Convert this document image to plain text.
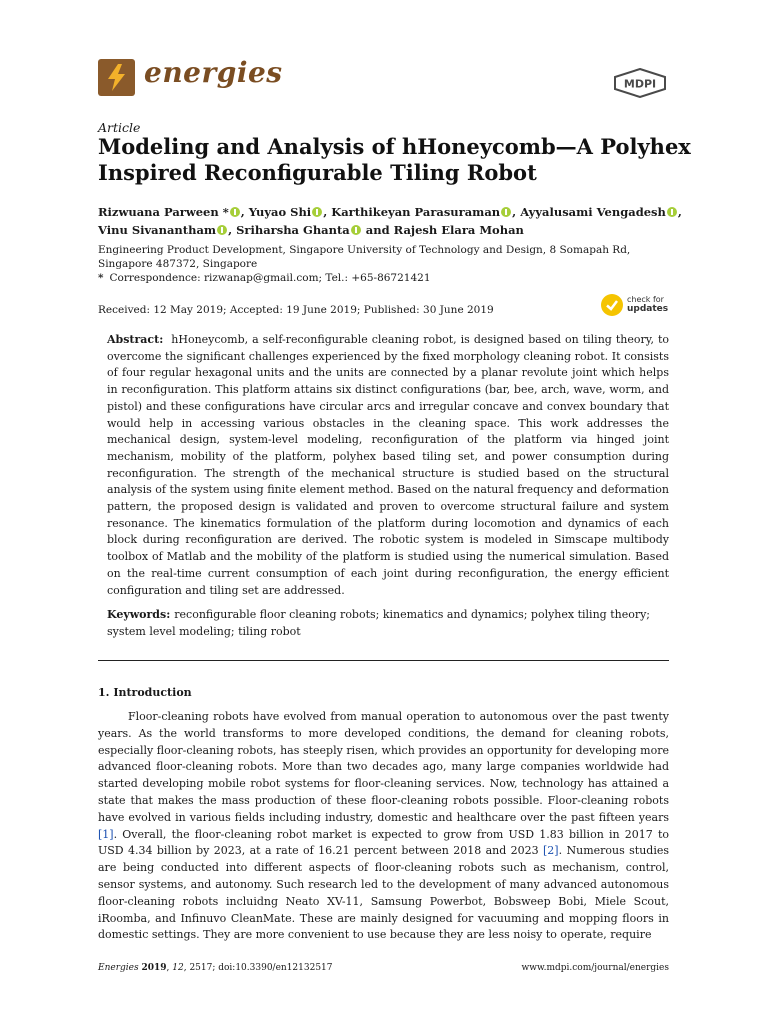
energies	MDPI
Article
Modeling and Analysis of hHoneycomb—A Polyhex Inspired Reconfigurable Tiling Robot
Rizwuana Parween * , Yuyao Shi , Karthikeyan Parasuraman , Ayyalusami Vengadesh ,
Vinu Sivanantham , Sriharsha Ghanta and Rajesh Elara Mohan
Engineering Product Development, Singapore University of Technology and Design, 8 Somapah Rd, Singapore 487372, Singapore
* Correspondence: rizwanap@gmail.com; Tel.: +65-86721421
Received: 12 May 2019; Accepted: 19 June 2019; Published: 30 June 2019
check for
updates
Abstract: hHoneycomb, a self-reconfigurable cleaning robot, is designed based on tiling theory, to overcome the significant challenges experienced by the fixed morphology cleaning robot. It consists of four regular hexagonal units and the units are connected by a planar revolute joint which helps in reconfiguration. This platform attains six distinct configurations (bar, bee, arch, wave, worm, and pistol) and these configurations have circular arcs and irregular concave and convex boundary that would help in accessing various obstacles in the cleaning space. This work addresses the mechanical design, system-level modeling, reconfiguration of the platform via hinged joint mechanism, mobility of the platform, polyhex based tiling set, and power consumption during reconfiguration. The strength of the mechanical structure is studied based on the structural analysis of the system using finite element method. Based on the natural frequency and deformation pattern, the proposed design is validated and proven to overcome structural failure and system resonance. The kinematics formulation of the platform during locomotion and dynamics of each block during reconfiguration are derived. The robotic system is modeled in Simscape multibody toolbox of Matlab and the mobility of the platform is studied using the numerical simulation. Based on the real-time current consumption of each joint during reconfiguration, the energy efficient configuration and tiling set are addressed.
Keywords: reconfigurable floor cleaning robots; kinematics and dynamics; polyhex tiling theory; system level modeling; tiling robot
1. Introduction
Floor-cleaning robots have evolved from manual operation to autonomous over the past twenty years. As the world transforms to more developed conditions, the demand for cleaning robots, especially floor-cleaning robots, has steeply risen, which provides an opportunity for developing more advanced floor-cleaning robots. More than two decades ago, many large companies worldwide had started developing mobile robot systems for floor-cleaning services. Now, technology has attained a state that makes the mass production of these floor-cleaning robots possible. Floor-cleaning robots have evolved in various fields including industry, domestic and healthcare over the past fifteen years [1]. Overall, the floor-cleaning robot market is expected to grow from USD 1.83 billion in 2017 to USD 4.34 billion by 2023, at a rate of 16.21 percent between 2018 and 2023 [2]. Numerous studies are being conducted into different aspects of floor-cleaning robots such as mechanism, control, sensor systems, and autonomy. Such research led to the development of many advanced autonomous floor-cleaning robots incluidng Neato XV-11, Samsung Powerbot, Bobsweep Bobi, Miele Scout, iRoomba, and Infinuvo CleanMate. These are mainly designed for vacuuming and mopping floors in domestic settings. They are more convenient to use because they are less noisy to operate, require
Energies 2019, 12, 2517; doi:10.3390/en12132517	www.mdpi.com/journal/energies
